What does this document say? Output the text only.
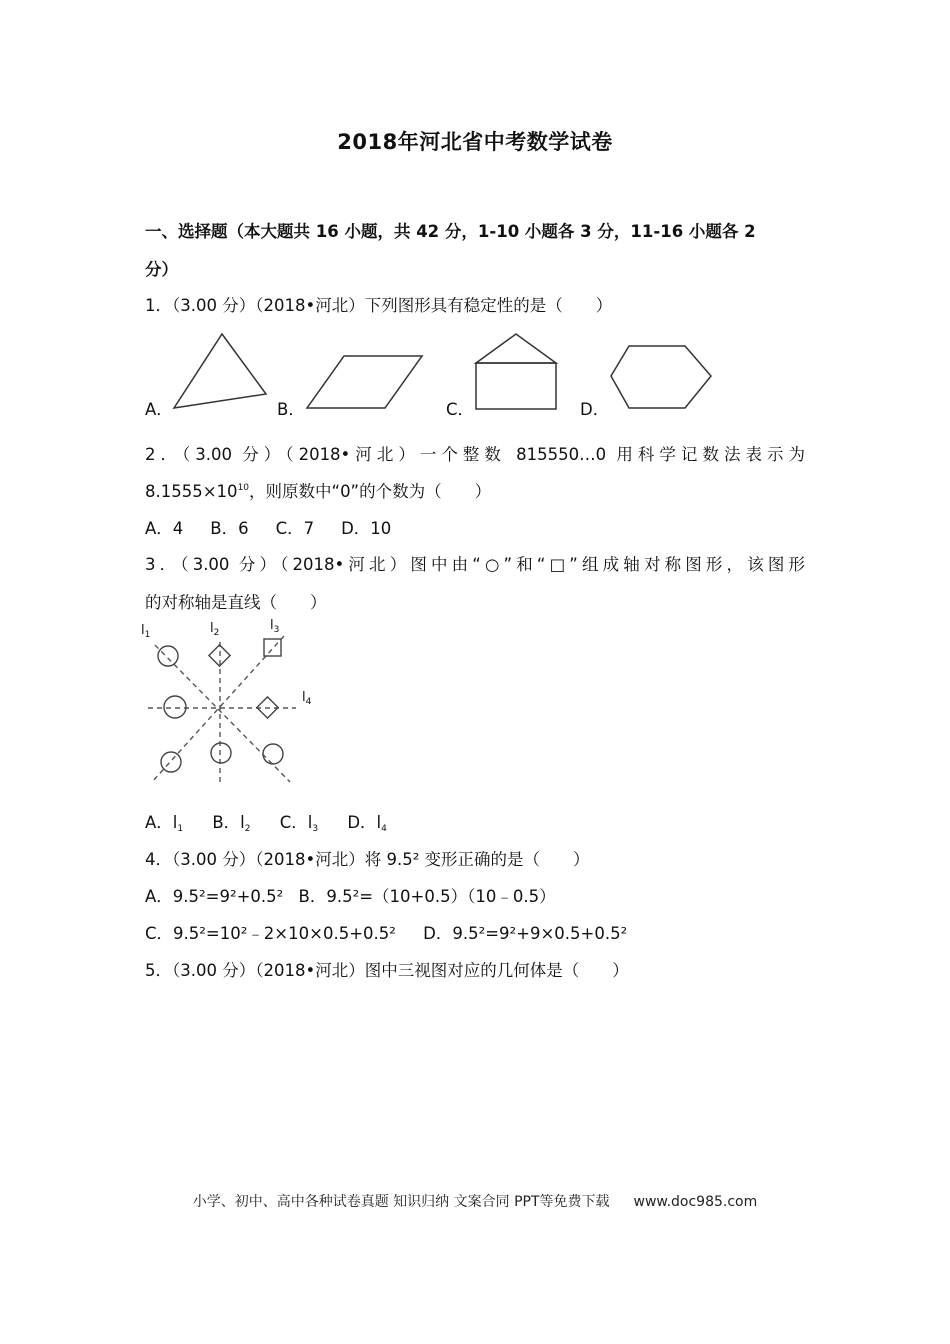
2018年河北省中考数学试卷
一、选择题（本大题共 16 小题，共 42 分，1-10 小题各 3 分，11-16 小题各 2
分）
1．（3.00 分）（2018•河北）下列图形具有稳定性的是（　　）
A．	B．	C．	D．
2．（3.00 分）（2018•河北）一个整数 815550…0 用科学记数法表示为
$8.1555\times 10^{10}$，则原数中“0”的个数为（　　）
A．4　  B．6　  C．7　  D．10
3．（3.00 分）（2018•河北）图中由“○”和“□”组成轴对称图形，该图形
的对称轴是直线（　　）
$l_1$	$l_2$	$l_3$
$l_4$
A．$l_1$ B．$l_2$ C．$l_3$ D．$l_4$
4．（3.00 分）（2018•河北）将 9.5² 变形正确的是（　　）
A．9.5²=9²+0.5² B．9.5²=（10+0.5）（10﹣0.5）
C．9.5²=10²﹣2×10×0.5+0.5² D．9.5²=9²+9×0.5+0.5²
5．（3.00 分）（2018•河北）图中三视图对应的几何体是（　　）
小学、初中、高中各种试卷真题 知识归纳 文案合同 PPT等免费下载 www.doc985.com
